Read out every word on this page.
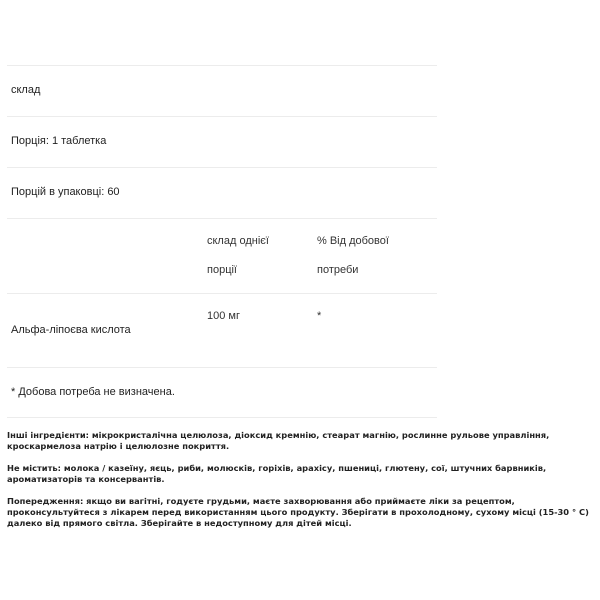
склад
Порція: 1 таблетка
Порцій в упаковці: 60
склад однієї
порції
% Від добової
потреби
Альфа-ліпоєва кислота
100 мг	*
* Добова потреба не визначена.

Інші інгредієнти: мікрокристалічна целюлоза, діоксид кремнію, стеарат магнію, рослинне рульове управління, кроскармелоза натрію і целюлозне покриття.

Не містить: молока / казеїну, яєць, риби, молюсків, горіхів, арахісу, пшениці, глютену, сої, штучних барвників, ароматизаторів та консервантів.

Попередження: якщо ви вагітні, годуєте грудьми, маєте захворювання або приймаєте ліки за рецептом, проконсультуйтеся з лікарем перед використанням цього продукту. Зберігати в прохолодному, сухому місці (15-30 ° C) далеко від прямого світла. Зберігайте в недоступному для дітей місці.
